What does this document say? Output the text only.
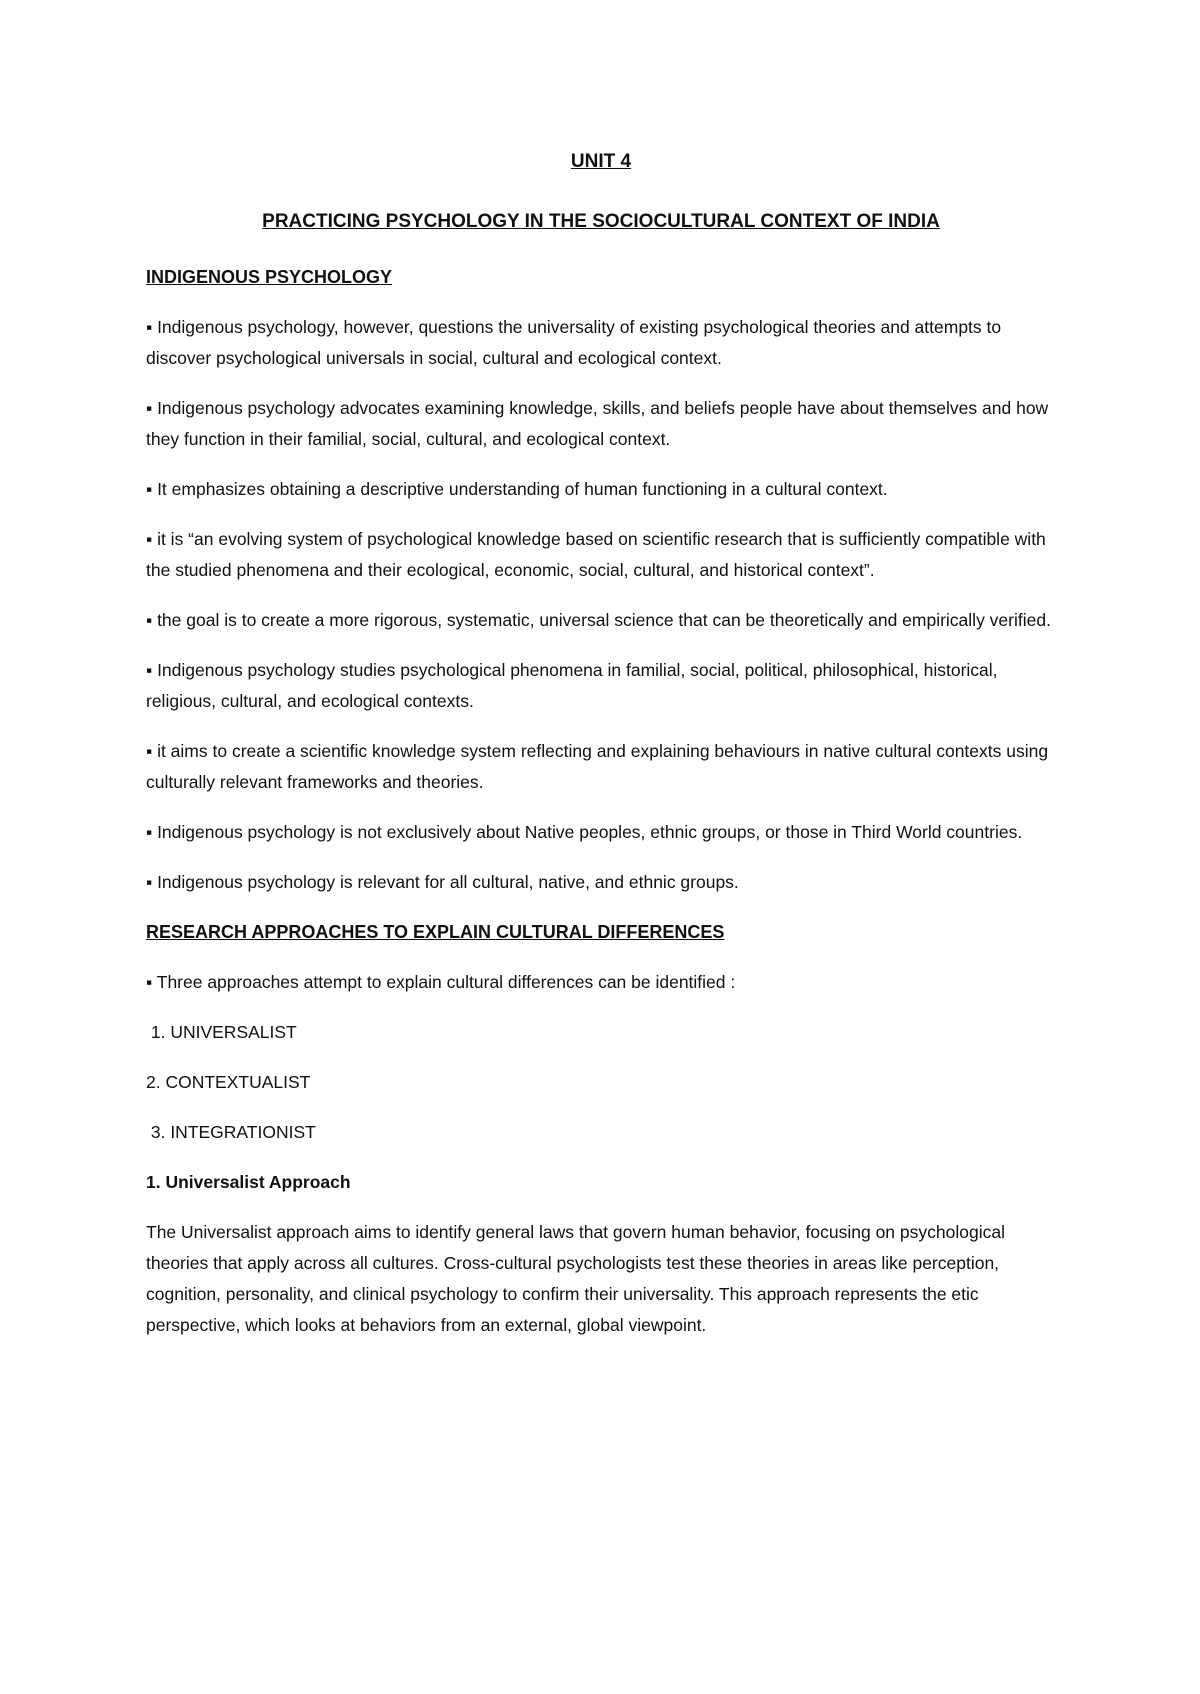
UNIT 4

PRACTICING PSYCHOLOGY IN THE SOCIOCULTURAL CONTEXT OF INDIA

INDIGENOUS PSYCHOLOGY

▪ Indigenous psychology, however, questions the universality of existing psychological theories and attempts to discover psychological universals in social, cultural and ecological context.

▪ Indigenous psychology advocates examining knowledge, skills, and beliefs people have about themselves and how they function in their familial, social, cultural, and ecological context.

▪ It emphasizes obtaining a descriptive understanding of human functioning in a cultural context.

▪ it is “an evolving system of psychological knowledge based on scientific research that is sufficiently compatible with the studied phenomena and their ecological, economic, social, cultural, and historical context”.

▪ the goal is to create a more rigorous, systematic, universal science that can be theoretically and empirically verified.

▪ Indigenous psychology studies psychological phenomena in familial, social, political, philosophical, historical, religious, cultural, and ecological contexts.

▪ it aims to create a scientific knowledge system reflecting and explaining behaviours in native cultural contexts using culturally relevant frameworks and theories.

▪ Indigenous psychology is not exclusively about Native peoples, ethnic groups, or those in Third World countries.

▪ Indigenous psychology is relevant for all cultural, native, and ethnic groups.

RESEARCH APPROACHES TO EXPLAIN CULTURAL DIFFERENCES

▪ Three approaches attempt to explain cultural differences can be identified :

1. UNIVERSALIST

2. CONTEXTUALIST

3. INTEGRATIONIST

1. Universalist Approach

The Universalist approach aims to identify general laws that govern human behavior, focusing on psychological theories that apply across all cultures. Cross-cultural psychologists test these theories in areas like perception, cognition, personality, and clinical psychology to confirm their universality. This approach represents the etic perspective, which looks at behaviors from an external, global viewpoint.
